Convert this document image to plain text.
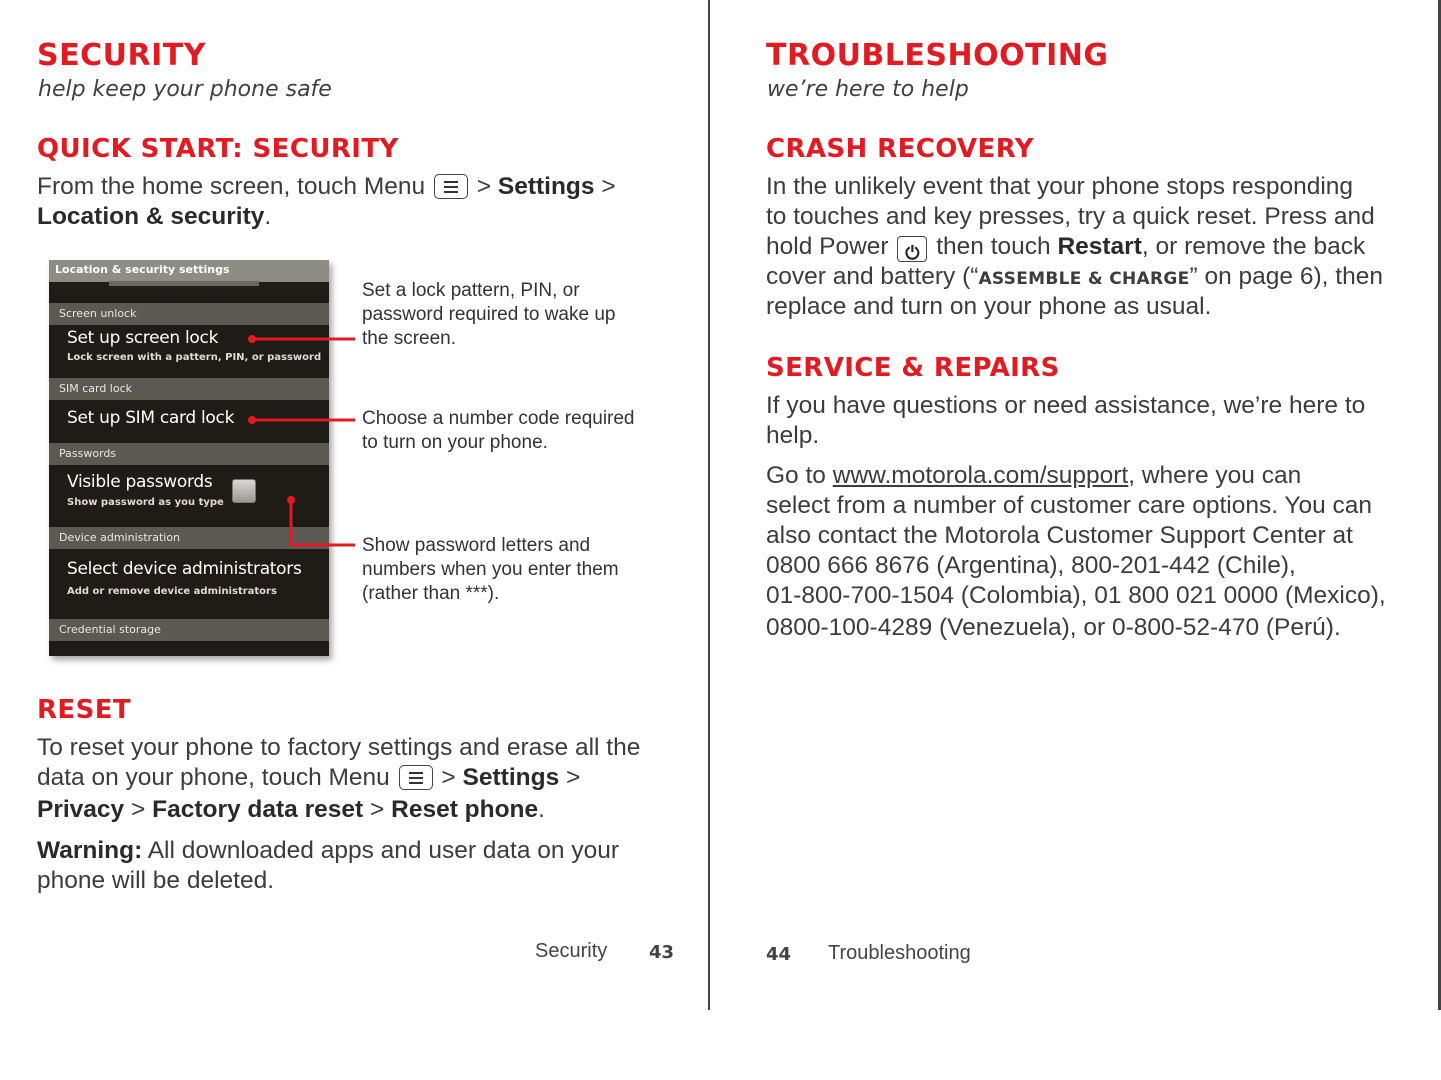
SECURITY

help keep your phone safe

QUICK START: SECURITY

From the home screen, touch Menu > Settings >

Location & security.

Location & security settings
Screen unlock
Set up screen lock
Lock screen with a pattern, PIN, or password
SIM card lock
Set up SIM card lock
Passwords
Visible passwords
Show password as you type
Device administration
Select device administrators
Add or remove device administrators
Credential storage
Set a lock pattern, PIN, or
password required to wake up
the screen.
Choose a number code required
to turn on your phone.
Show password letters and
numbers when you enter them
(rather than ***).
RESET

To reset your phone to factory settings and erase all the

data on your phone, touch Menu > Settings >

Privacy > Factory data reset > Reset phone.

Warning: All downloaded apps and user data on your

phone will be deleted.

Security 43
TROUBLESHOOTING

we’re here to help

CRASH RECOVERY

In the unlikely event that your phone stops responding

to touches and key presses, try a quick reset. Press and

hold Power ⏻ then touch Restart, or remove the back

cover and battery (“ASSEMBLE & CHARGE” on page 6), then

replace and turn on your phone as usual.

SERVICE & REPAIRS

If you have questions or need assistance, we’re here to

help.

Go to www.motorola.com/support, where you can

select from a number of customer care options. You can

also contact the Motorola Customer Support Center at

0800 666 8676 (Argentina), 800-201-442 (Chile),

01-800-700-1504 (Colombia), 01 800 021 0000 (Mexico),

0800-100-4289 (Venezuela), or 0-800-52-470 (Perú).

44 Troubleshooting
